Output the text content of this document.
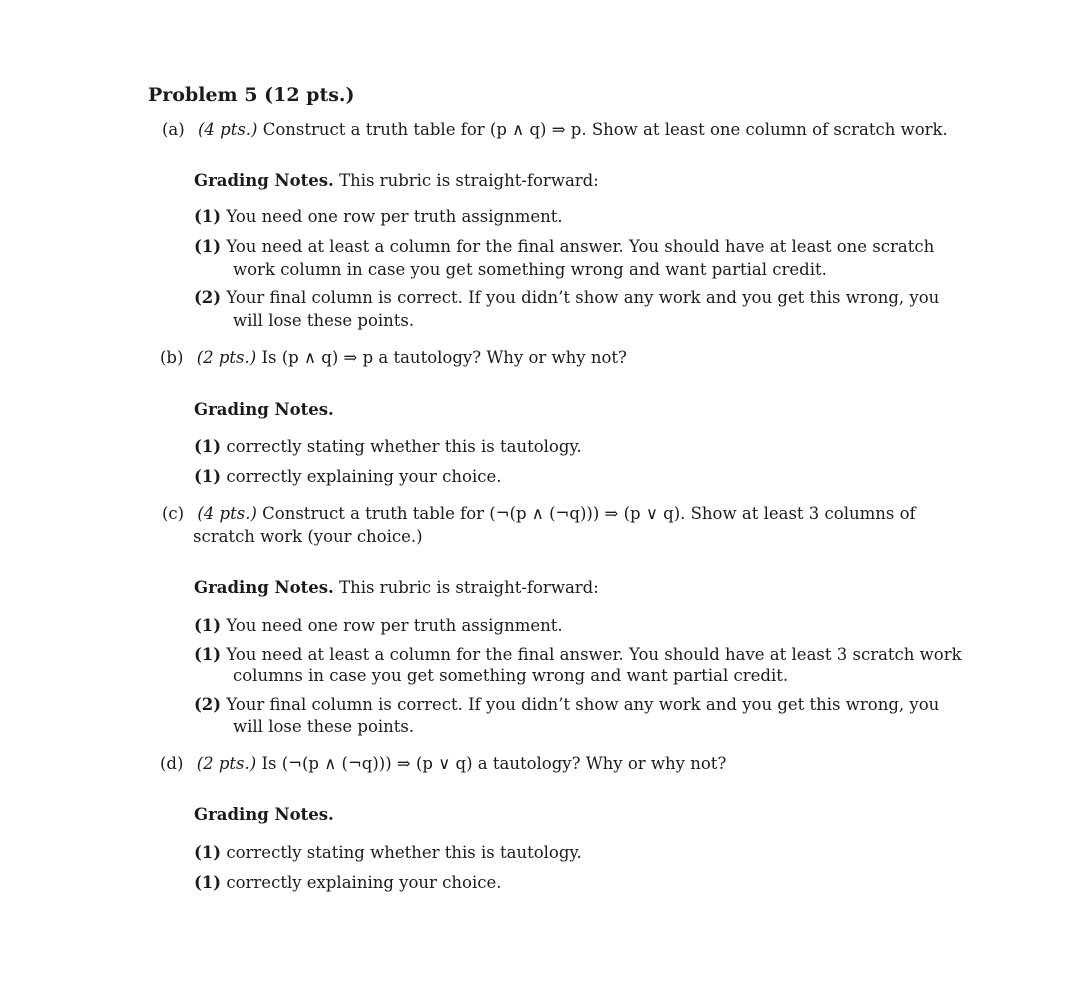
Problem 5 (12 pts.)
(a) (4 pts.) Construct a truth table for (p ∧ q) ⇒ p. Show at least one column of scratch work.
Grading Notes. This rubric is straight-forward:
(1) You need one row per truth assignment.
(1) You need at least a column for the final answer. You should have at least one scratch
work column in case you get something wrong and want partial credit.
(2) Your final column is correct. If you didn’t show any work and you get this wrong, you
will lose these points.
(b) (2 pts.) Is (p ∧ q) ⇒ p a tautology? Why or why not?
Grading Notes.
(1) correctly stating whether this is tautology.
(1) correctly explaining your choice.
(c) (4 pts.) Construct a truth table for (¬(p ∧ (¬q))) ⇒ (p ∨ q). Show at least 3 columns of
scratch work (your choice.)
Grading Notes. This rubric is straight-forward:
(1) You need one row per truth assignment.
(1) You need at least a column for the final answer. You should have at least 3 scratch work
columns in case you get something wrong and want partial credit.
(2) Your final column is correct. If you didn’t show any work and you get this wrong, you
will lose these points.
(d) (2 pts.) Is (¬(p ∧ (¬q))) ⇒ (p ∨ q) a tautology? Why or why not?
Grading Notes.
(1) correctly stating whether this is tautology.
(1) correctly explaining your choice.
